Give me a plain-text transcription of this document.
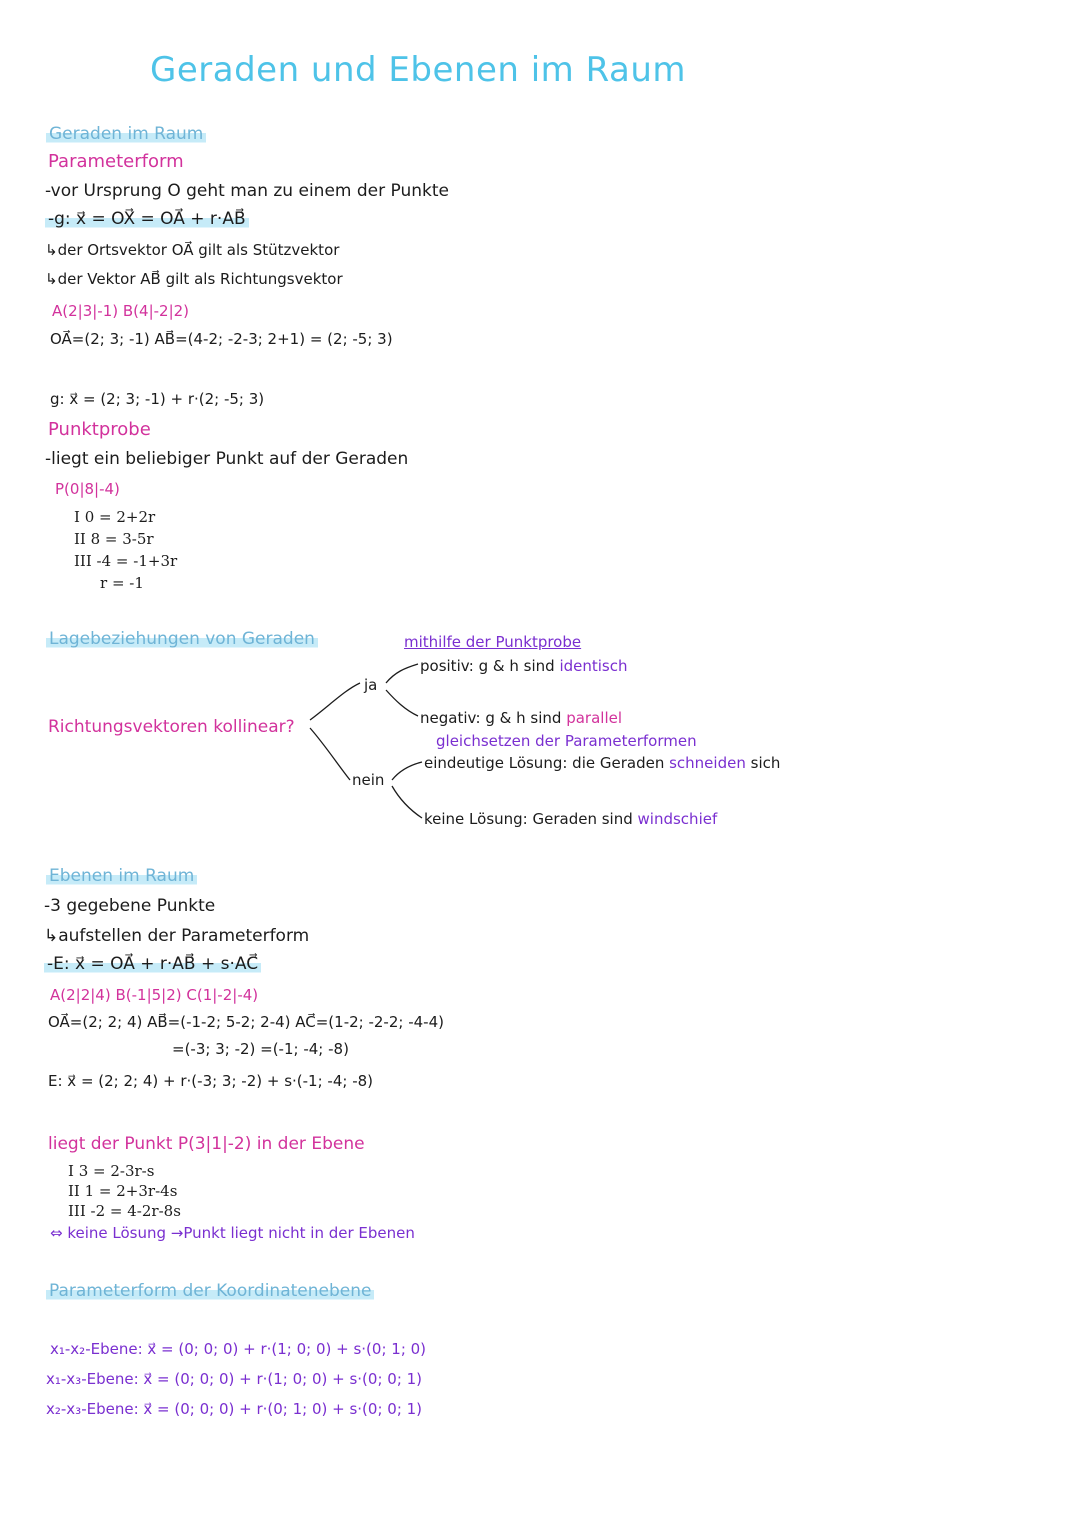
Geraden und Ebenen im Raum
Geraden im Raum
Parameterform
-vor Ursprung O geht man zu einem der Punkte
-g: x⃗ = OX⃗ = OA⃗ + r·AB⃗
↳der Ortsvektor OA⃗ gilt als Stützvektor
↳der Vektor AB⃗ gilt als Richtungsvektor
A(2|3|-1) B(4|-2|2)
OA⃗=(2; 3; -1) AB⃗=(4-2; -2-3; 2+1) = (2; -5; 3)
g: x⃗ = (2; 3; -1) + r·(2; -5; 3)
Punktprobe
-liegt ein beliebiger Punkt auf der Geraden
P(0|8|-4)
I 0 = 2+2r
II 8 = 3-5r
III -4 = -1+3r
r = -1
Lagebeziehungen von Geraden
Richtungsvektoren kollinear?
ja
nein
mithilfe der Punktprobe
positiv: g & h sind identisch
negativ: g & h sind parallel
gleichsetzen der Parameterformen
eindeutige Lösung: die Geraden schneiden sich
keine Lösung: Geraden sind windschief
Ebenen im Raum
-3 gegebene Punkte
↳aufstellen der Parameterform
-E: x⃗ = OA⃗ + r·AB⃗ + s·AC⃗
A(2|2|4) B(-1|5|2) C(1|-2|-4)
OA⃗=(2; 2; 4) AB⃗=(-1-2; 5-2; 2-4) AC⃗=(1-2; -2-2; -4-4)
=(-3; 3; -2) =(-1; -4; -8)
E: x⃗ = (2; 2; 4) + r·(-3; 3; -2) + s·(-1; -4; -8)
liegt der Punkt P(3|1|-2) in der Ebene
I 3 = 2-3r-s
II 1 = 2+3r-4s
III -2 = 4-2r-8s
⇔ keine Lösung →Punkt liegt nicht in der Ebenen
Parameterform der Koordinatenebene
x₁-x₂-Ebene: x⃗ = (0; 0; 0) + r·(1; 0; 0) + s·(0; 1; 0)
x₁-x₃-Ebene: x⃗ = (0; 0; 0) + r·(1; 0; 0) + s·(0; 0; 1)
x₂-x₃-Ebene: x⃗ = (0; 0; 0) + r·(0; 1; 0) + s·(0; 0; 1)
